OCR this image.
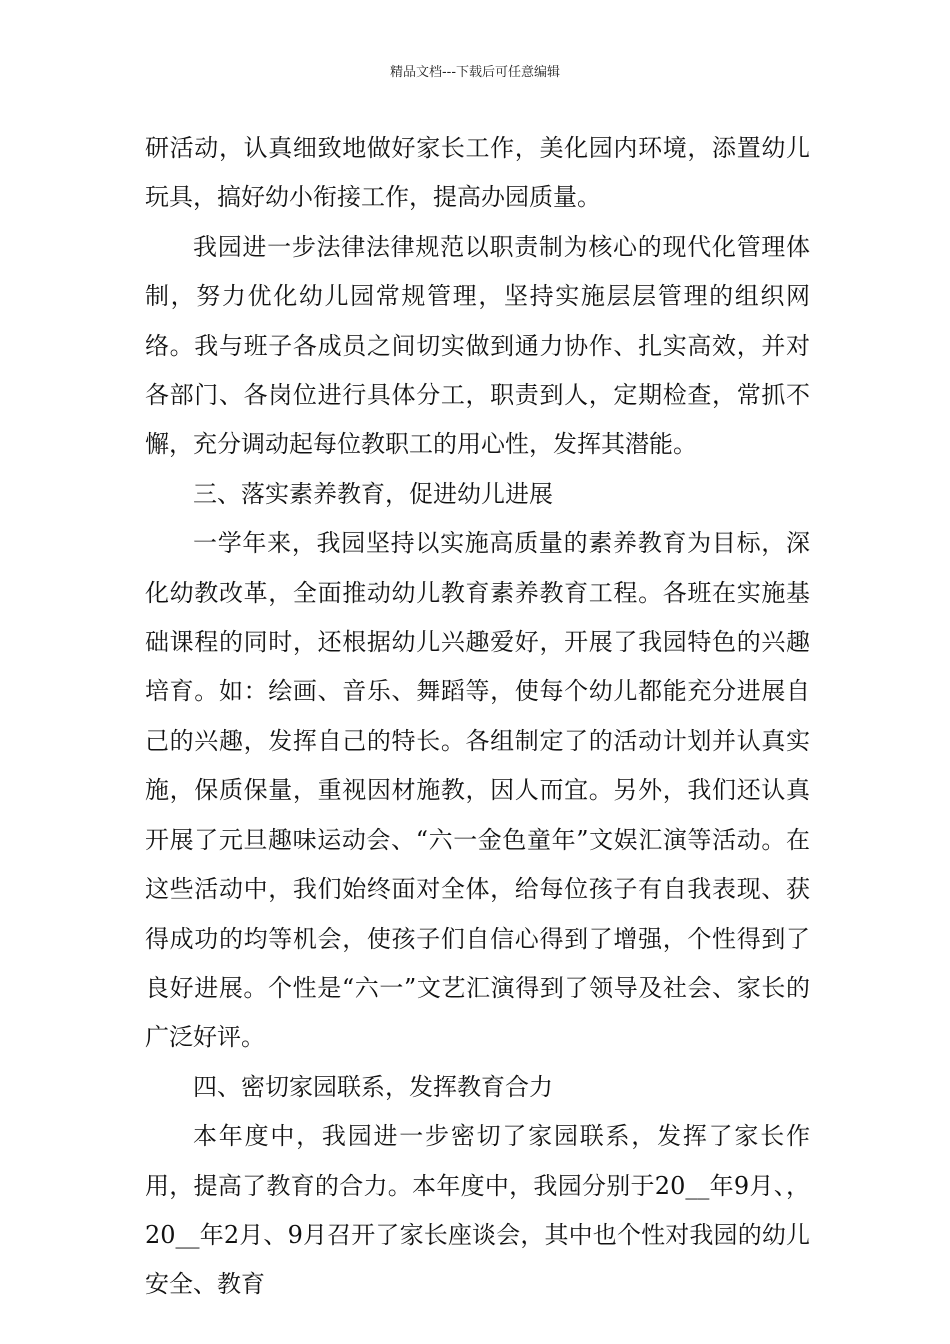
精品文档---下载后可任意编辑

研活动，认真细致地做好家长工作，美化园内环境，添置幼儿玩具，搞好幼小衔接工作，提高办园质量。

我园进一步法律法律规范以职责制为核心的现代化管理体制，努力优化幼儿园常规管理，坚持实施层层管理的组织网络。我与班子各成员之间切实做到通力协作、扎实高效，并对各部门、各岗位进行具体分工，职责到人，定期检查，常抓不懈，充分调动起每位教职工的用心性，发挥其潜能。

三、落实素养教育，促进幼儿进展

一学年来，我园坚持以实施高质量的素养教育为目标，深化幼教改革，全面推动幼儿教育素养教育工程。各班在实施基础课程的同时，还根据幼儿兴趣爱好，开展了我园特色的兴趣培育。如：绘画、音乐、舞蹈等，使每个幼儿都能充分进展自己的兴趣，发挥自己的特长。各组制定了的活动计划并认真实施，保质保量，重视因材施教，因人而宜。另外，我们还认真开展了元旦趣味运动会、“六一金色童年”文娱汇演等活动。在这些活动中，我们始终面对全体，给每位孩子有自我表现、获得成功的均等机会，使孩子们自信心得到了增强，个性得到了良好进展。个性是“六一”文艺汇演得到了领导及社会、家长的广泛好评。

四、密切家园联系，发挥教育合力

本年度中，我园进一步密切了家园联系，发挥了家长作用，提高了教育的合力。本年度中，我园分别于20__年9月、，20__年2月、9月召开了家长座谈会，其中也个性对我园的幼儿安全、教育
